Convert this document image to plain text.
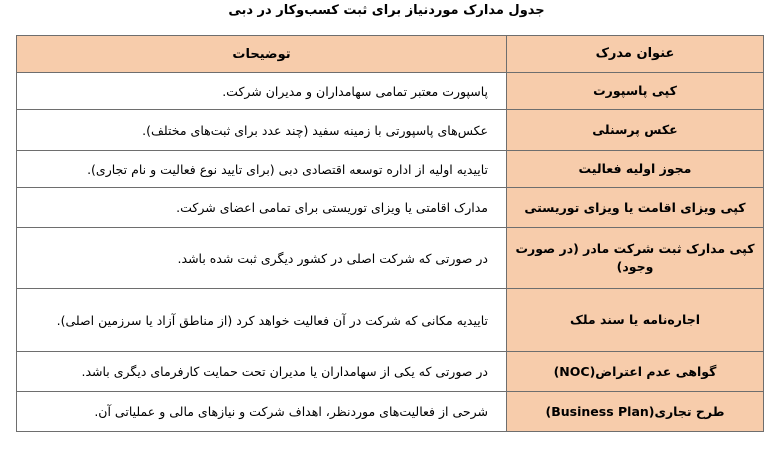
جدول مدارک موردنیاز برای ثبت کسب‌وکار در دبی
عنوان مدرک	توضیحات
کپی پاسپورت	پاسپورت معتبر تمامی سهامداران و مدیران شرکت.
عکس پرسنلی	عکس‌های پاسپورتی با زمینه سفید (چند عدد برای ثبت‌های مختلف).
مجوز اولیه فعالیت	تاییدیه اولیه از اداره توسعه اقتصادی دبی (برای تایید نوع فعالیت و نام تجاری).
کپی ویزای اقامت یا ویزای توریستی	مدارک اقامتی یا ویزای توریستی برای تمامی اعضای شرکت.
کپی مدارک ثبت شرکت مادر (در صورت وجود)	در صورتی که شرکت اصلی در کشور دیگری ثبت شده باشد.
اجاره‌نامه یا سند ملک	تاییدیه مکانی که شرکت در آن فعالیت خواهد کرد (از مناطق آزاد یا سرزمین اصلی).
گواهی عدم اعتراض(NOC)	در صورتی که یکی از سهامداران یا مدیران تحت حمایت کارفرمای دیگری باشد.
طرح تجاری(Business Plan)	شرحی از فعالیت‌های موردنظر، اهداف شرکت و نیازهای مالی و عملیاتی آن.
